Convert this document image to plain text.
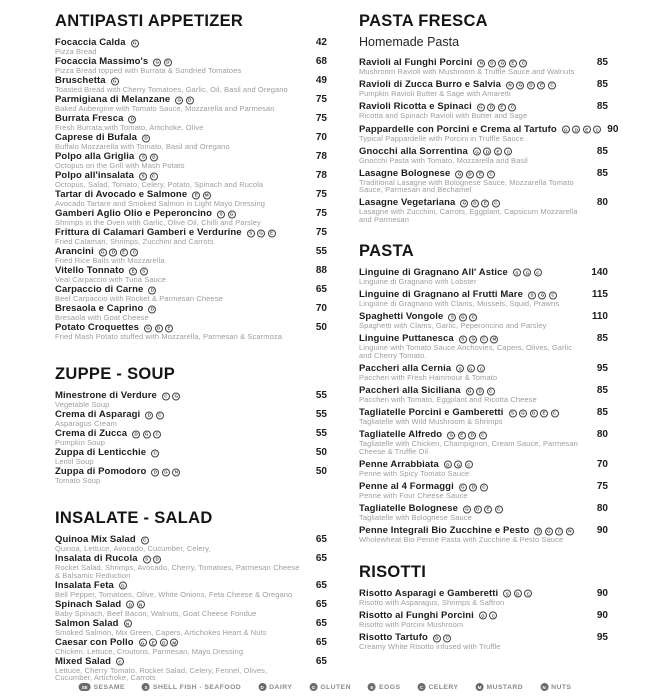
ANTIPASTI APPETIZER
Focaccia Calda	G	42
Pizza Bread
Focaccia Massimo's	G	D	68
Pizza Bread topped with Burrata & Sundried Tomatoes
Bruschetta	G	49
Toasted Bread with Cherry Tomatoes, Garlic, Oil, Basil and Oregano
Parmigiana di Melanzane	G	D	75
Baked Aubergine with Tomato Sauce, Mozzarella and Parmesan
Burrata Fresca	D	75
Fresh Burrata,with Tomato, Artichoke, Olive
Caprese di Bufala	D	70
Buffalo Mozzarella with Tomato, Basil and Oregano
Polpo alla Griglia	S	D	78
Octopus on the Grill with Mash Potato
Polpo all'insalata	S	C	78
Octopus, Salad, Tomato, Celery, Potato, Spinach and Rucola
Tartar di Avocado e Salmone	E	M	75
Avocado Tartare and Smoked Salmon in Light Mayo Dressing
Gamberi Aglio Olio e Peperoncino	S	G	75
Shrimps in the Oven with Garlic, Olive Oil, Chilli and Parsley
Frittura di Calamari Gamberi e Verdurine	S	G	E	75
Fried Calamari, Shrimps, Zucchini and Carrots
Arancini	G	D	E	C	55
Fried Rice Balls with Mozzarella
Vitello Tonnato	E	S	88
Veal Carpaccio with Tuna Sauce
Carpaccio di Carne	D	65
Beef Carpaccio with Rocket & Parmesan Cheese
Bresaola e Caprino	D	70
Bresaola with Goat Cheese
Potato Croquettes	G	D	E	50
Fried Mash Potato stuffed with Mozzarella, Parmesan & Scarmoza
ZUPPE - SOUP
Minestrone di Verdure	C	G	55
Vegetable Soup
Crema di Asparagi	D	C	55
Asparagus Cream
Crema di Zucca	D	G	C	55
Pumpkin Soup
Zuppa di Lenticchie	C	50
Lentil Soup
Zuppa di Pomodoro	D	G	N	50
Tomato Soup
INSALATE - SALAD
Quinoa Mix Salad	C	65
Quinoa, Lettuce, Avocado, Cucumber, Celery,
Insalata di Rucola	S	D	65
Rocket Salad, Shrimps, Avocado, Cherry, Tomatoes, Parmesan Cheese & Balsamic Reduction
Insalata Feta	D	65
Bell Pepper, Tomatoes, Olive, White Onions, Feta Cheese & Oregano
Spinach Salad	D	N	65
Baby Spinach, Beef Bacon, Walnuts, Goat Cheese Fondue
Salmon Salad	N	65
Smoked Salmon, Mix Green, Capers, Artichokes Heart & Nuts
Caesar con Pollo	G	E	D	M	65
Chicken, Lettuce, Croutons, Parmesan, Mayo Dressing
Mixed Salad	C	65
Lettuce, Cherry Tomato, Rocket Salad, Celery, Fennel, Olives, Cucumber, Artichoke, Carrots
PASTA FRESCA
Homemade Pasta
Ravioli al Funghi Porcini	N	D	G	E	C	85
Mushroom Ravioli with Mushroom & Truffle Sauce and Walnuts
Ravioli di Zucca Burro e Salvia	N	G	D	E	C	85
Pumpkin Ravioli Butter & Sage with Amaretti
Ravioli Ricotta e Spinaci	G	D	E	C	85
Ricotta and Spinach Ravioli with Butter and Sage
Pappardelle con Porcini e Crema al Tartufo	G	D	E	C 90
Typical Pappardelle with Porcini in Truffle Sauce
Gnocchi alla Sorrentina	G	D	E	C	85
Gnocchi Pasta with Tomato, Mozzarella and Basil
Lasagne Bolognese	G	D	E	C	85
Traditional Lasagne with Bolognese Sauce, Mozzarella Tomato Sauce, Parmesan and Bechamel
Lasagne Vegetariana	G	D	E	C	80
Lasagne with Zucchini, Carrots, Eggplant, Capsicum Mozzarella and Parmesan
PASTA
Linguine di Gragnano All' Astice	S	G	C	140
Linguine di Gragnano with Lobster
Linguine di Gragnano al Frutti Mare	S	G	C	115
Linguine di Gragnano with Clams, Mussels, Squid, Prawns
Spaghetti Vongole	S	G	C	110
Spaghetti with Clams, Garlic, Peperoncino and Parsley
Linguine Puttanesca	S	G	C	M	85
Linguine with Tomato Sauce Anchovies, Capers, Olives, Garlic and Cherry Tomato.
Paccheri alla Cernia	S	G	C	95
Paccheri with Fresh Hammour & Tomato
Paccheri alla Siciliana	G	D	C	85
Paccheri with Tomato, Eggplant and Ricotta Cheese
Tagliatelle Porcini e Gamberetti	S	G	D	E	C	85
Tagliatelle with Wild Mushroom & Shrimps
Tagliatelle Alfredo	G	E	D	C	80
Tagliatelle with Chicken, Champignon, Cream Sauce, Parmesan Cheese & Truffle Oil
Penne Arrabbiata	D	G	C	70
Penne with Spicy Tomato Sauce
Penne al 4 Formaggi	G	D	C	75
Penne with Four Cheese Sauce
Tagliatelle Bolognese	G	D	E	C	80
Tagliatelle with Bolognese Sauce
Penne Integrali Bio Zucchine e Pesto	D	G	C	N	90
Wholewheat Bio Penne Pasta with Zucchine & Pesto Sauce
RISOTTI
Risotto Asparagi e Gamberetti	S	D	C	90
Risotto with Asparagus, Shrimps & Saffron
Risotto al Funghi Porcini	D	C	90
Risotto with Porcini Mushroom
Risotto Tartufo	D	C	95
Creamy White Risotto infused with Truffle
SE SESAME	S SHELL FISH - SEAFOOD	D DAIRY	G GLUTEN	E EGGS	C CELERY	M MUSTARD	N NUTS
